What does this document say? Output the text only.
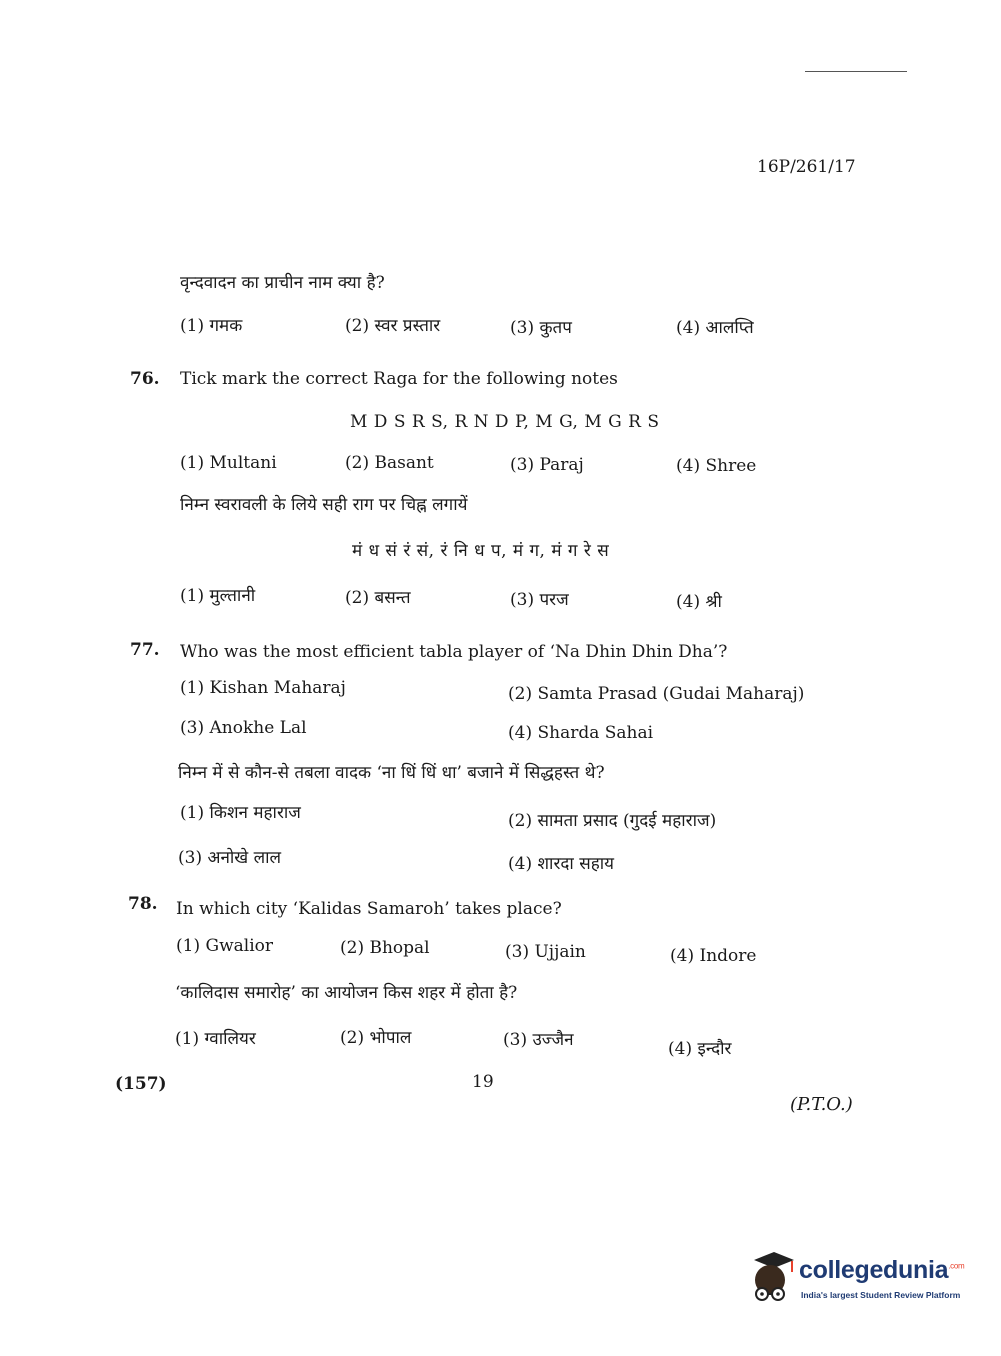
16P/261/17
वृन्दवादन का प्राचीन नाम क्या है?
(1) गमक	(2) स्वर प्रस्तार	(3) कुतप	(4) आलप्ति
76. Tick mark the correct Raga for the following notes
M D S R S, R N D P, M G, M G R S
(1) Multani	(2) Basant	(3) Paraj	(4) Shree
निम्न स्वरावली के लिये सही राग पर चिह्न लगायें
मं ध सं रं सं, रं नि ध प, मं ग, मं ग रे स
(1) मुल्तानी	(2) बसन्त	(3) परज	(4) श्री
77. Who was the most efficient tabla player of ‘Na Dhin Dhin Dha’?
(1) Kishan Maharaj	(2) Samta Prasad (Gudai Maharaj)
(3) Anokhe Lal	(4) Sharda Sahai
निम्न में से कौन-से तबला वादक ‘ना धिं धिं धा’ बजाने में सिद्धहस्त थे?
(1) किशन महाराज	(2) सामता प्रसाद (गुदई महाराज)
(3) अनोखे लाल	(4) शारदा सहाय
78. In which city ‘Kalidas Samaroh’ takes place?
(1) Gwalior	(2) Bhopal	(3) Ujjain	(4) Indore
‘कालिदास समारोह’ का आयोजन किस शहर में होता है?
(1) ग्वालियर	(2) भोपाल	(3) उज्जैन	(4) इन्दौर
(157)	19
(P.T.O.)
collegedunia$^{.com}$
India's largest Student Review Platform
